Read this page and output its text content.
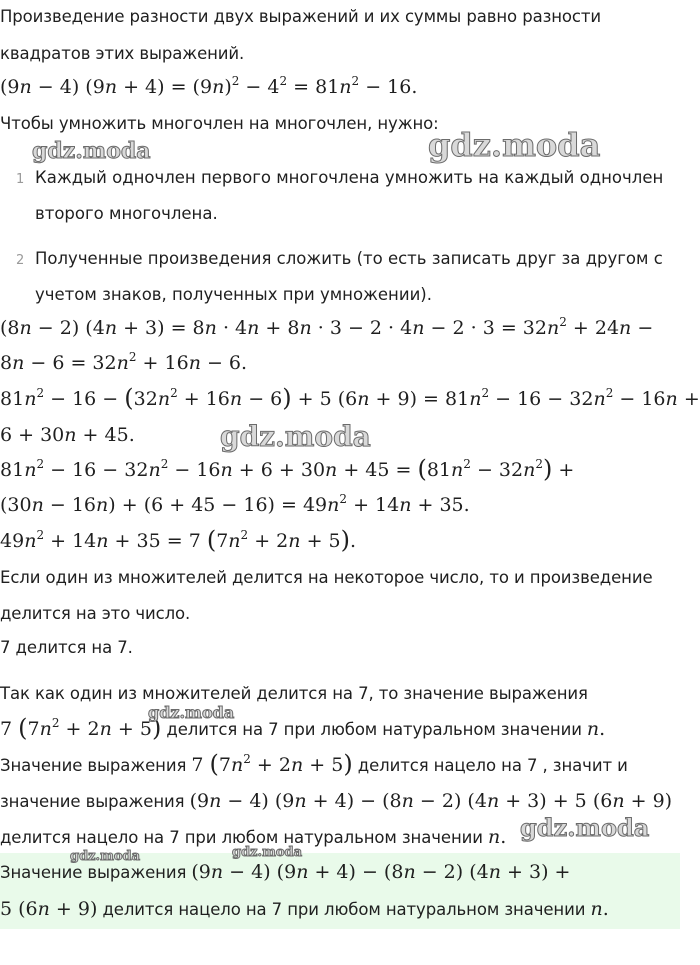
Произведение разности двух выражений и их суммы равно разности
квадратов этих выражений.
(9n − 4) $(9n + 4) = (9n)^2 - 4^2 = 81n^2 - 16$.
Чтобы умножить многочлен на многочлен, нужно:
1 Каждый одночлен первого многочлена умножить на каждый одночлен
второго многочлена.
2 Полученные произведения сложить (то есть записать друг за другом с
учетом знаков, полученных при умножении).
(8n − 2) $(4n + 3) = 8n \cdot 4n + 8n \cdot 3 - 2 \cdot 4n - 2 \cdot 3 = 32n^2 + 24n$ −
$8n - 6 = 32n^2 + 16n - 6$.
$81n^2 - 16 - (32n^2 + 16n - 6) + 5$ $(6n + 9) = 81n^2 - 16 - 32n^2 - 16n$ +
6 + 30n + 45.
$81n^2 - 16 - 32n^2 - 16n + 6 + 30n + 45 = (81n^2 - 32n^2)$ +
$(30n - 16n) + (6 + 45 - 16) = 49n^2 + 14n + 35$.
$49n^2 + 14n + 35 = 7$ $(7n^2 + 2n + 5)$.
Если один из множителей делится на некоторое число, то и произведение
делится на это число.
7 делится на 7.
Так как один из множителей делится на 7, то значение выражения
7 $(7n^2 + 2n + 5)$ делится на 7 при любом натуральном значении n.
Значение выражения 7 $(7n^2 + 2n + 5)$ делится нацело на 7 , значит и
значение выражения (9n − 4) (9n + 4) − (8n − 2) (4n + 3) + 5 (6n + 9)
делится нацело на 7 при любом натуральном значении n.
Значение выражения (9n − 4) (9n + 4) − (8n − 2) (4n + 3) +
5 (6n + 9) делится нацело на 7 при любом натуральном значении n.
gdz.moda	gdz.moda
gdz.moda
gdz.moda
gdz.moda
gdz.moda	gdz.moda
